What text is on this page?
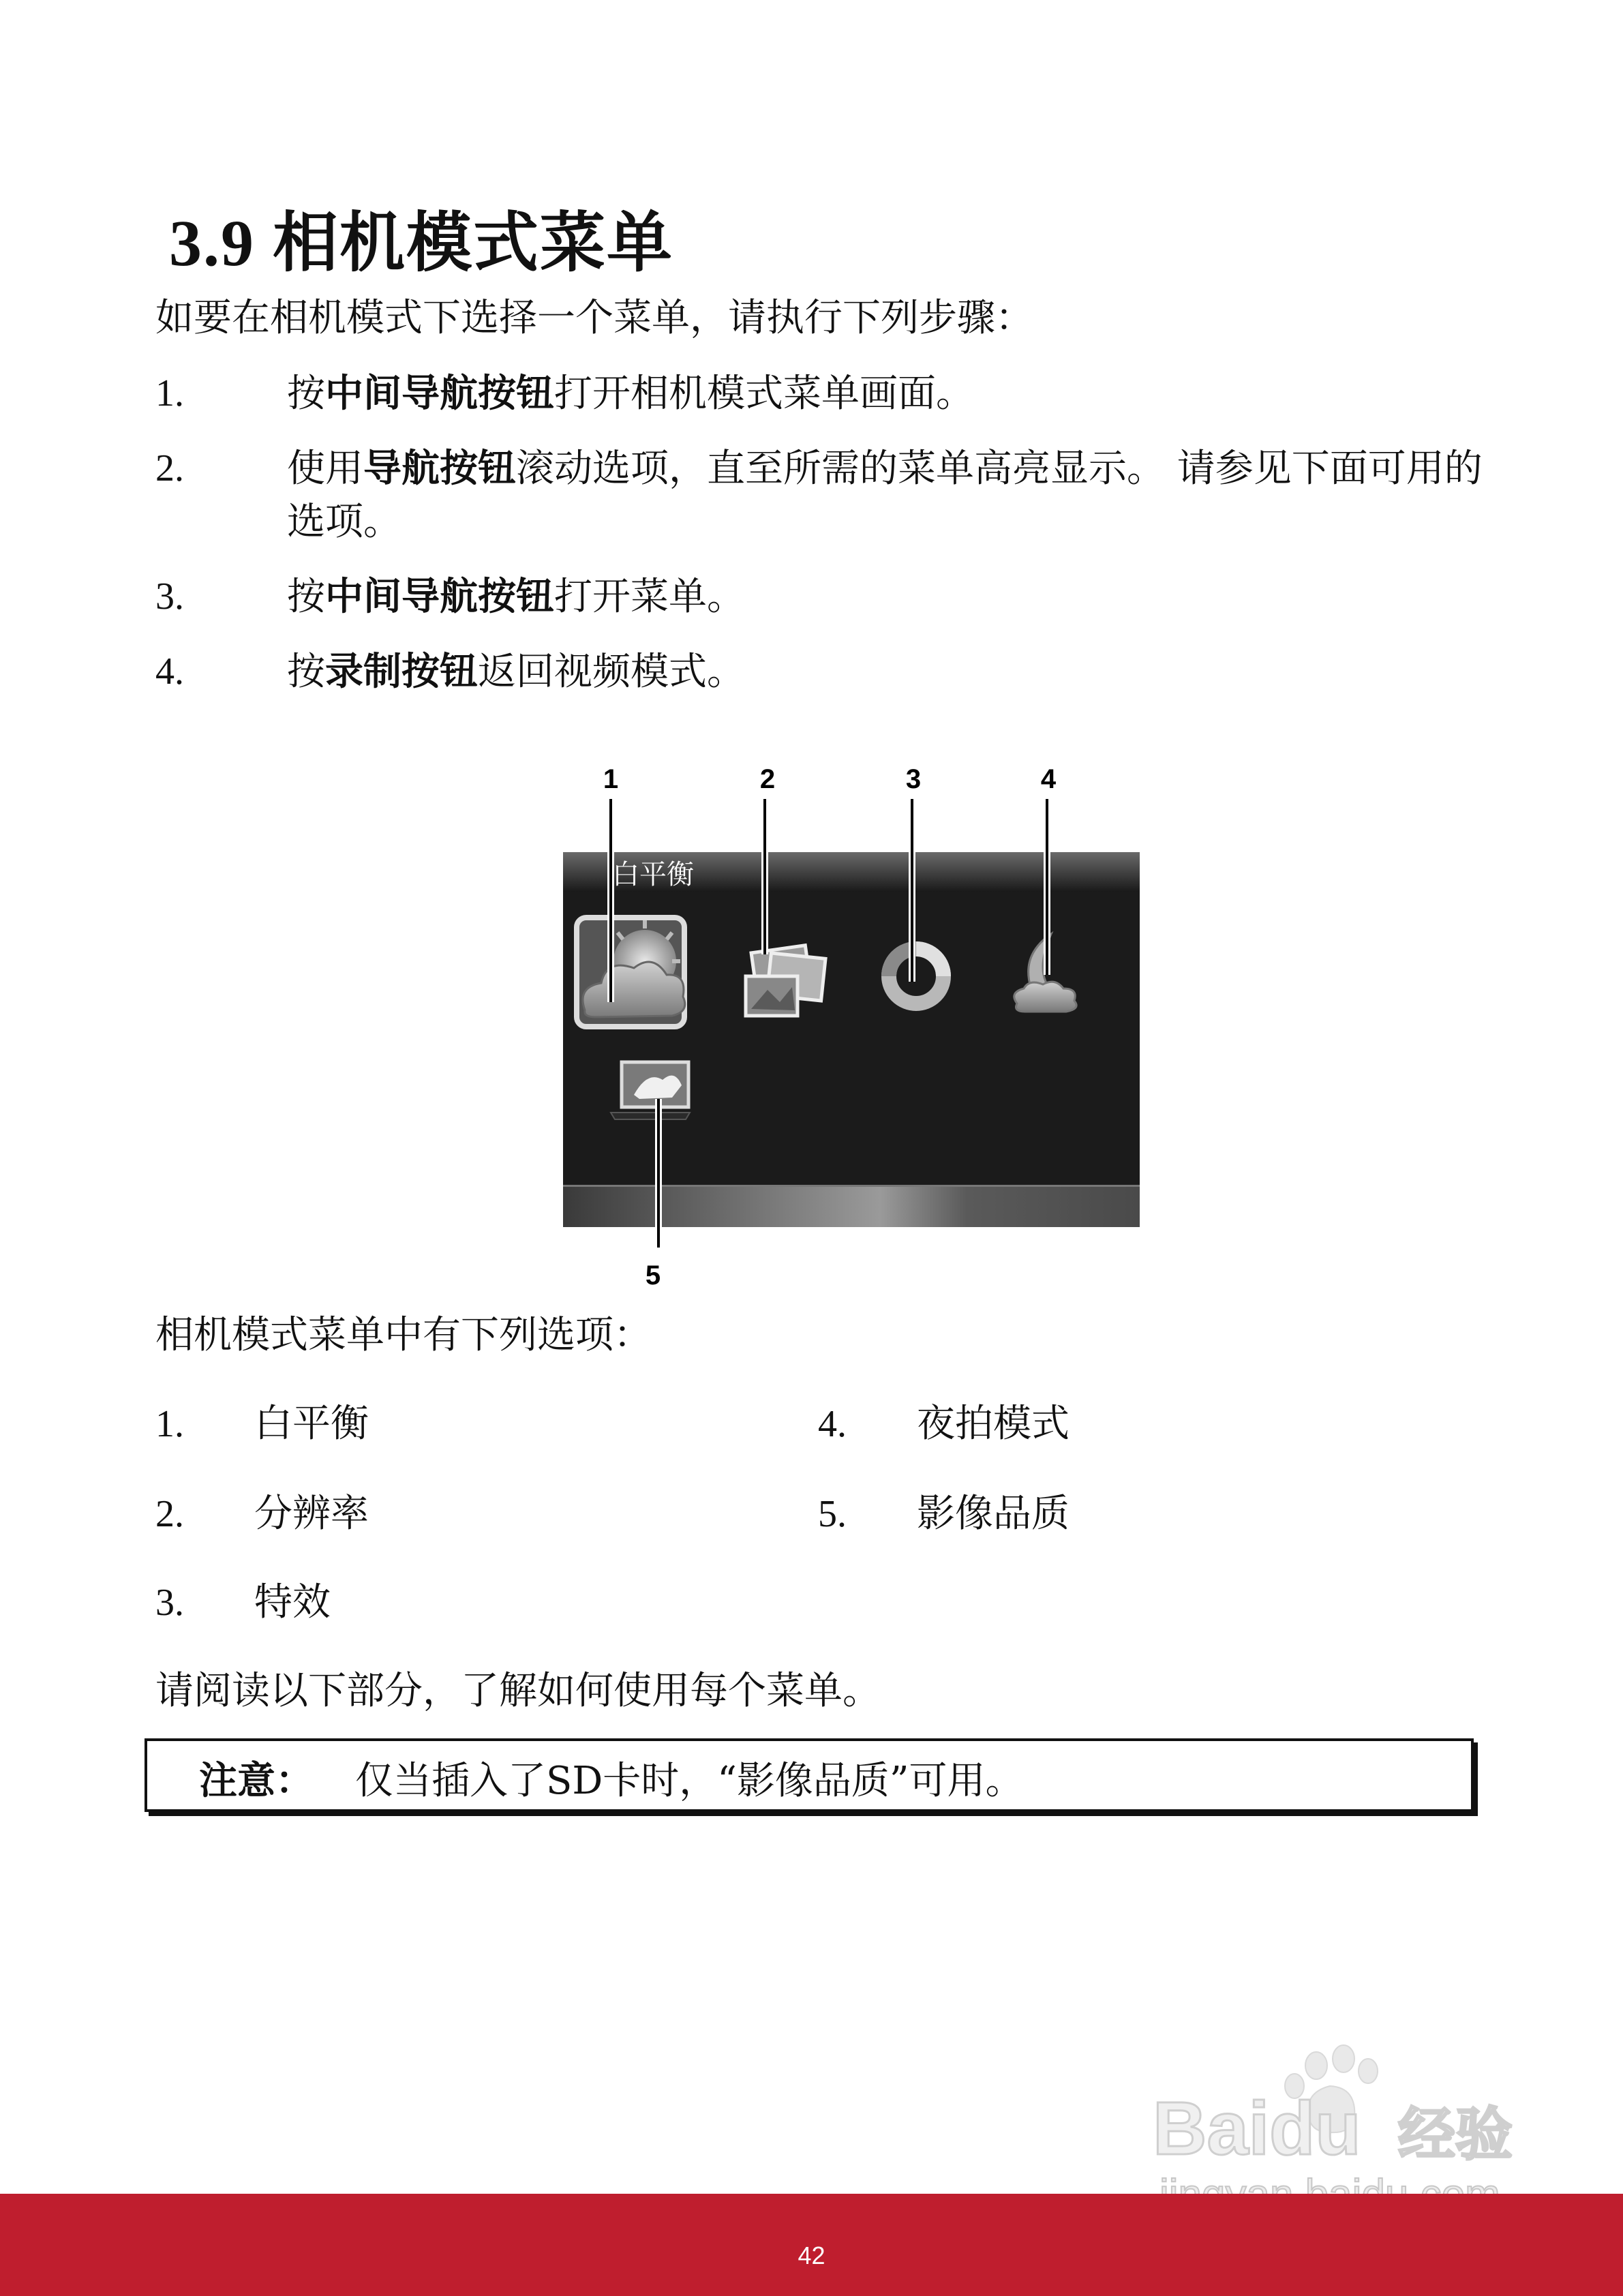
3.9 相机模式菜单
如要在相机模式下选择一个菜单，请执行下列步骤：
1.	按中间导航按钮打开相机模式菜单画面。
2.	使用导航按钮滚动选项，直至所需的菜单高亮显示。 请参见下面可用的选项。
3.	按中间导航按钮打开菜单。
4.	按录制按钮返回视频模式。
白平衡
1	2	3	4
5
相机模式菜单中有下列选项：
1. 白平衡
2. 分辨率
3. 特效
4. 夜拍模式
5. 影像品质
请阅读以下部分，了解如何使用每个菜单。
注意： 仅当插入了SD卡时，“影像品质”可用。
Baidu 经验
42
